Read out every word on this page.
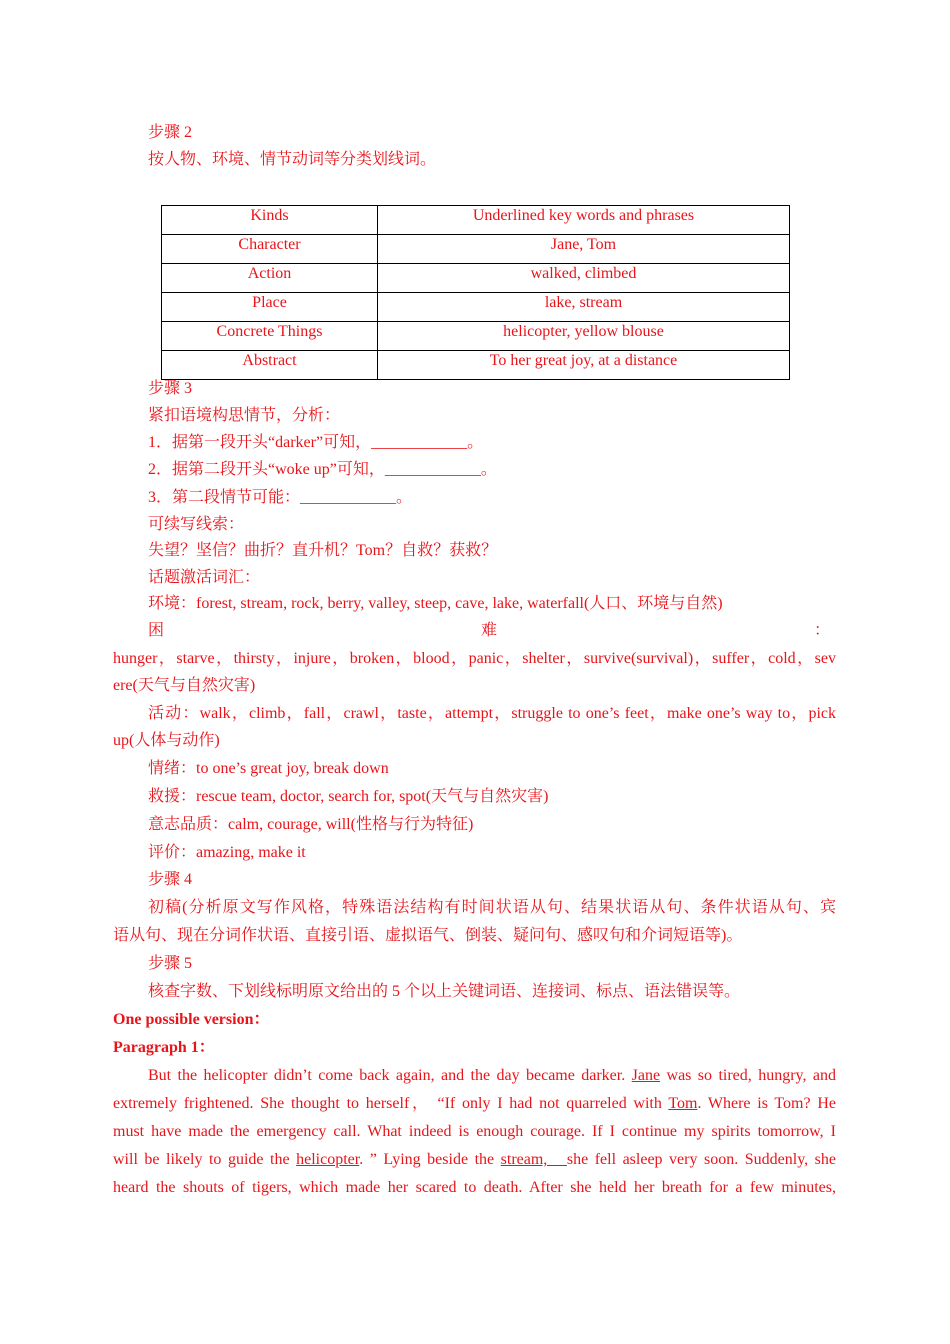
步骤 2
按人物、环境、情节动词等分类划线词。
Kinds	Underlined key words and phrases
Character	Jane, Tom
Action	walked, climbed
Place	lake, stream
Concrete Things	helicopter, yellow blouse
Abstract	To her great joy, at a distance
步骤 3
紧扣语境构思情节，分析：
1．据第一段开头“darker”可知，____________。
2．据第二段开头“woke up”可知，____________。
3．第二段情节可能：____________。
可续写线索：
失望？坚信？曲折？直升机？Tom？自救？获救？
话题激活词汇：
环境：forest, stream, rock, berry, valley, steep, cave, lake, waterfall(人口、环境与自然)
困	难	：
hunger，starve，thirsty，injure，broken，blood，panic，shelter，survive(survival)，suffer，cold，sev
ere(天气与自然灾害)
活动：walk，climb，fall，crawl，taste，attempt，struggle to one’s feet，make one’s way to，pick
up(人体与动作)
情绪：to one’s great joy, break down
救援：rescue team, doctor, search for, spot(天气与自然灾害)
意志品质：calm, courage, will(性格与行为特征)
评价：amazing, make it
步骤 4
初稿(分析原文写作风格，特殊语法结构有时间状语从句、结果状语从句、条件状语从句、宾
语从句、现在分词作状语、直接引语、虚拟语气、倒装、疑问句、感叹句和介词短语等)。
步骤 5
核查字数、下划线标明原文给出的 5 个以上关键词语、连接词、标点、语法错误等。
One possible version：
Paragraph 1：
But the helicopter didn’t come back again, and the day became darker. Jane was so tired, hungry, and
extremely frightened. She thought to herself， “If only I had not quarreled with Tom. Where is Tom? He
must have made the emergency call. What indeed is enough courage. If I continue my spirits tomorrow, I
will be likely to guide the helicopter. ” Lying beside the stream,   she fell asleep very soon. Suddenly, she
heard the shouts of tigers, which made her scared to death. After she held her breath for a few minutes,
